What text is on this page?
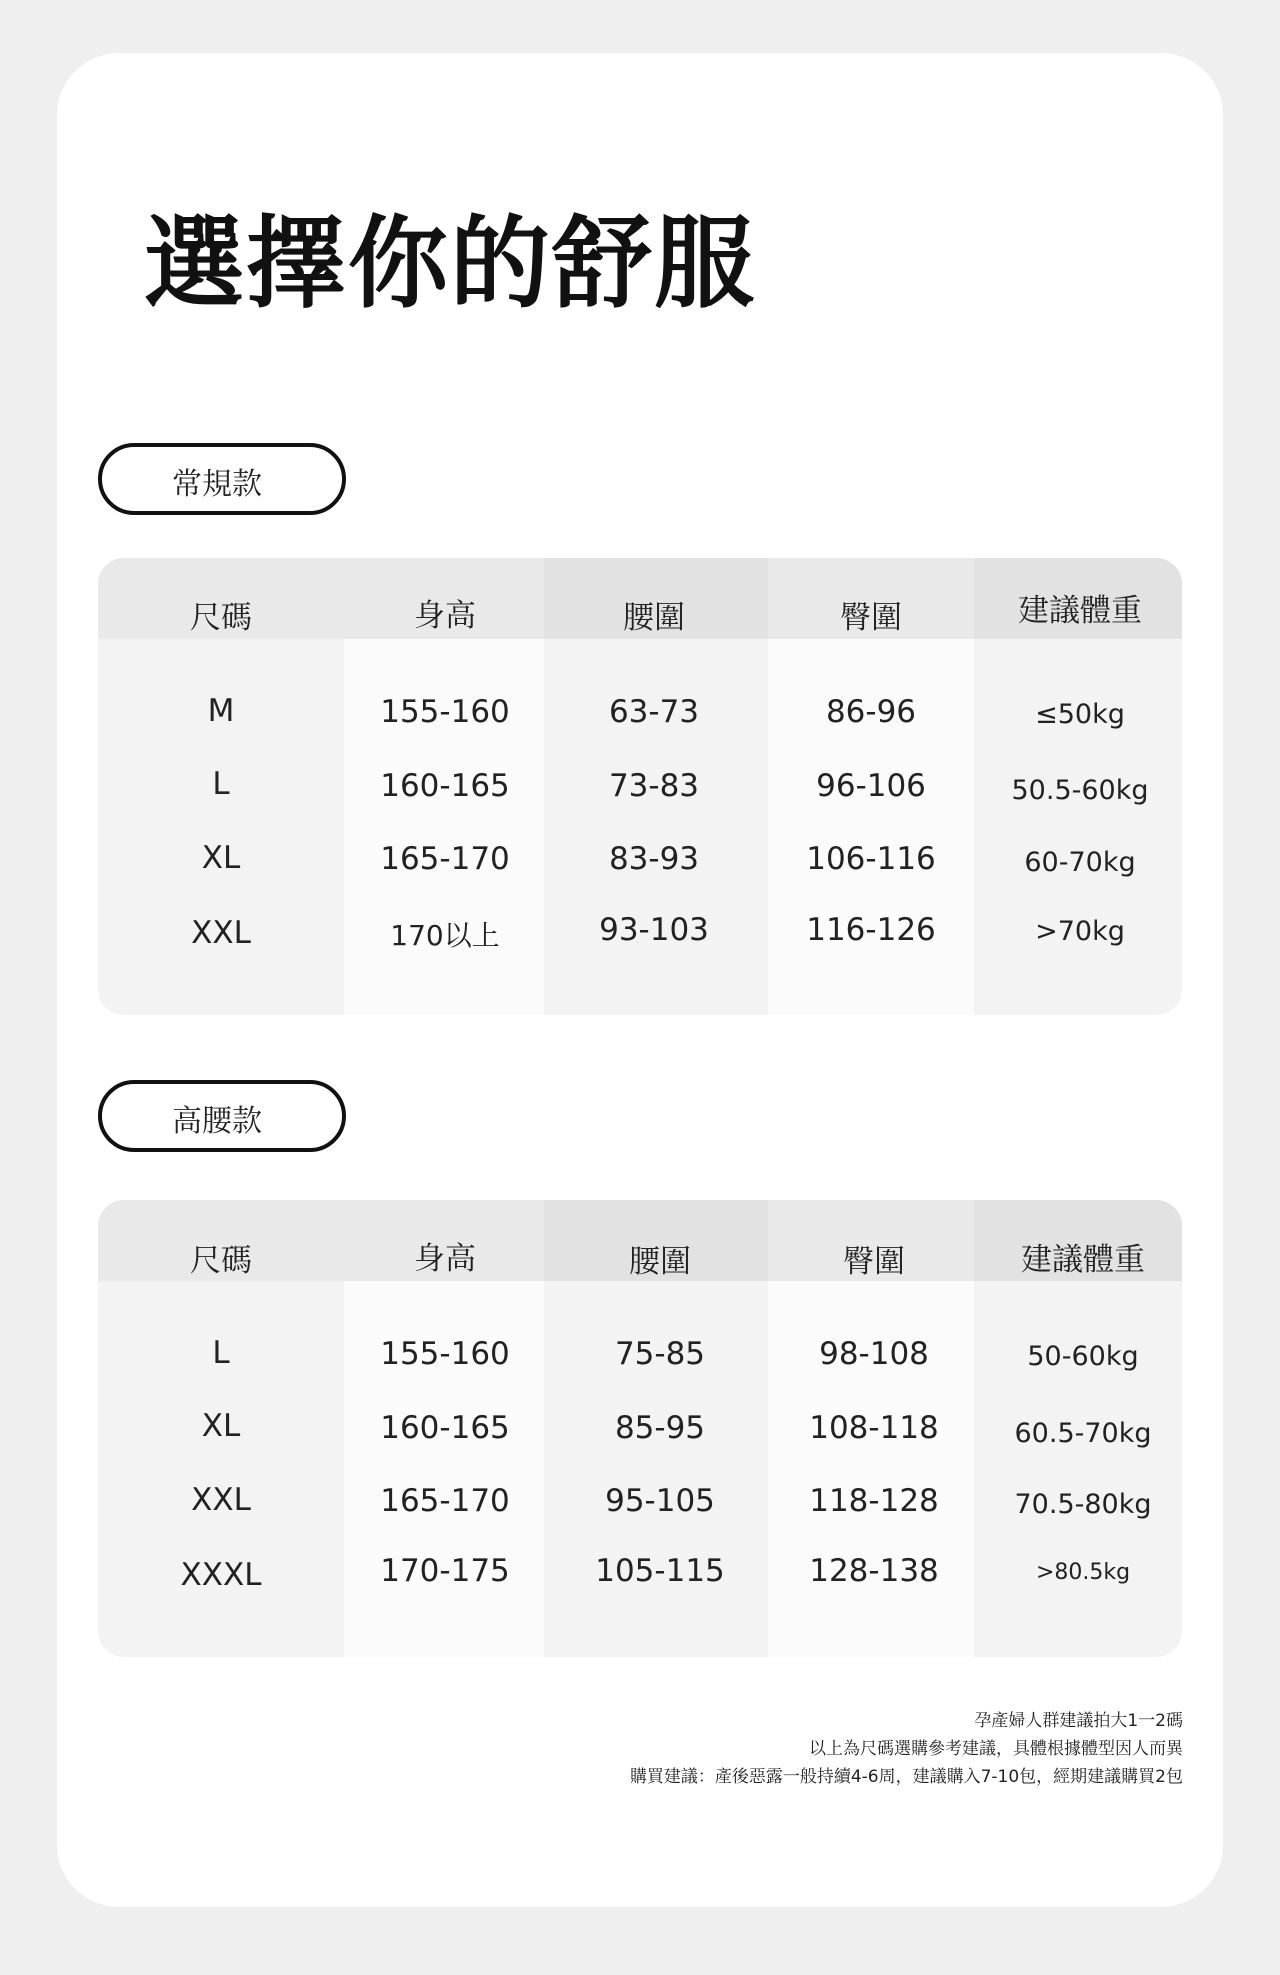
選擇你的舒服
常規款
尺碼	身高	腰圍	臀圍	建議體重
M	155-160	63-73	86-96	≤50kg
L	160-165	73-83	96-106	50.5-60kg
XL	165-170	83-93	106-116	60-70kg
XXL	170以上	93-103	116-126	>70kg
高腰款
尺碼	身高	腰圍	臀圍	建議體重
L	155-160	75-85	98-108	50-60kg
XL	160-165	85-95	108-118	60.5-70kg
XXL	165-170	95-105	118-128	70.5-80kg
XXXL	170-175	105-115	128-138	>80.5kg
孕產婦人群建議拍大1一2碼
以上為尺碼選購參考建議，具體根據體型因人而異
購買建議：產後惡露一般持續4-6周，建議購入7-10包，經期建議購買2包
